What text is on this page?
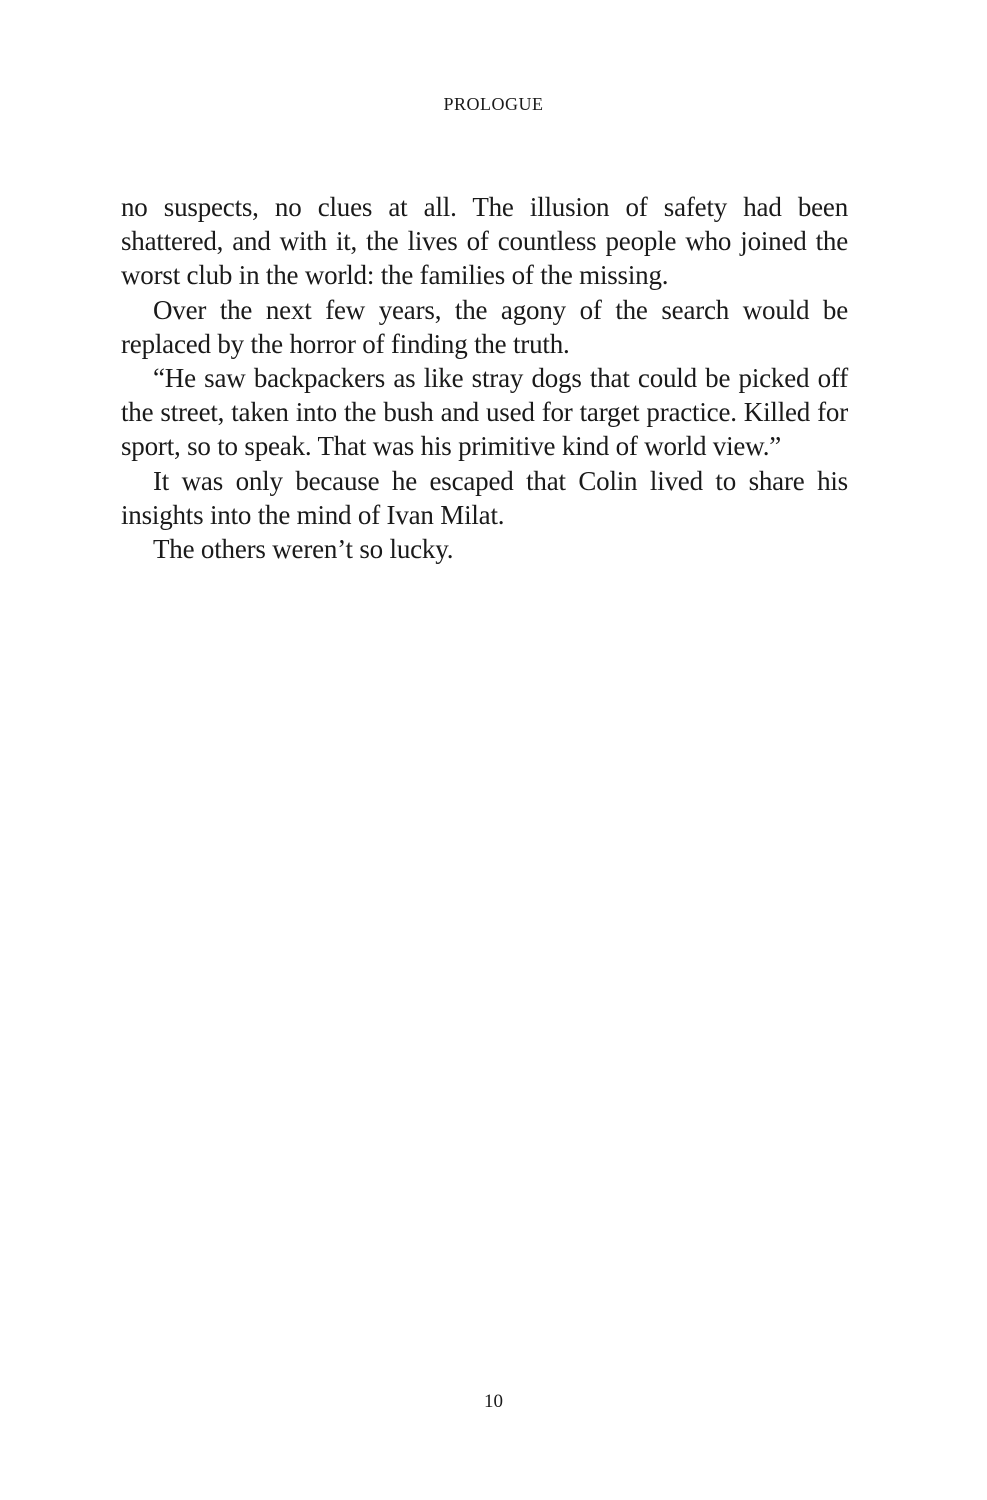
PROLOGUE

no suspects, no clues at all. The illusion of safety had been shattered, and with it, the lives of countless people who joined the worst club in the world: the families of the missing.

Over the next few years, the agony of the search would be replaced by the horror of finding the truth.

“He saw backpackers as like stray dogs that could be picked off the street, taken into the bush and used for target practice. Killed for sport, so to speak. That was his primitive kind of world view.”

It was only because he escaped that Colin lived to share his insights into the mind of Ivan Milat.

The others weren’t so lucky.

10
